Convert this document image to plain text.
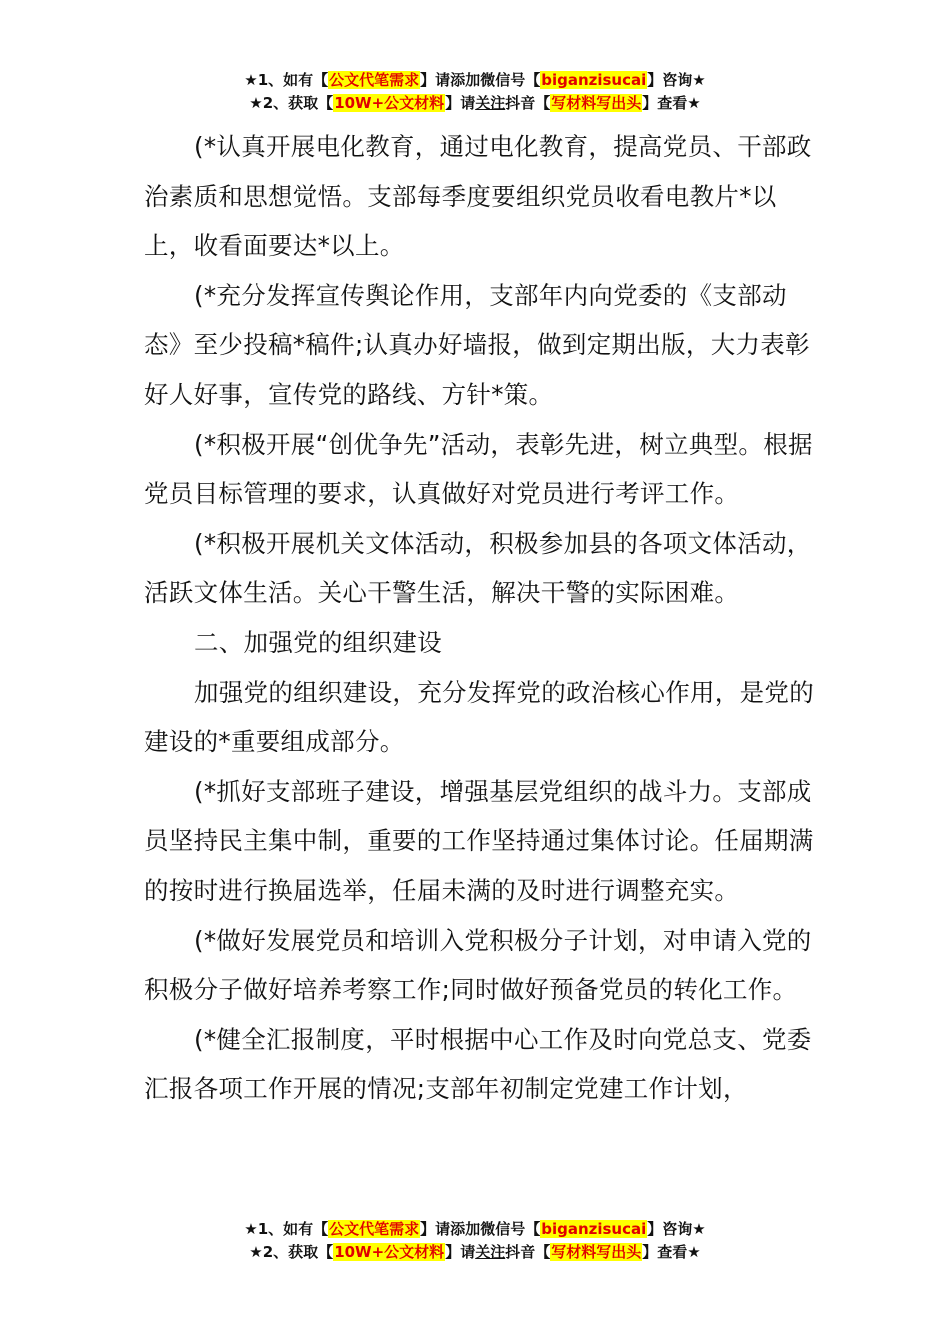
★1、如有【公文代笔需求】请添加微信号【biganzisucai】咨询★
★2、获取【10W+公文材料】请关注抖音【写材料写出头】查看★

(*认真开展电化教育，通过电化教育，提高党员、干部政治素质和思想觉悟。支部每季度要组织党员收看电教片*以上，收看面要达*以上。

(*充分发挥宣传舆论作用，支部年内向党委的《支部动态》至少投稿*稿件;认真办好墙报，做到定期出版，大力表彰好人好事，宣传党的路线、方针*策。

(*积极开展“创优争先”活动，表彰先进，树立典型。根据党员目标管理的要求，认真做好对党员进行考评工作。

(*积极开展机关文体活动，积极参加县的各项文体活动，活跃文体生活。关心干警生活，解决干警的实际困难。

二、加强党的组织建设

加强党的组织建设，充分发挥党的政治核心作用，是党的建设的*重要组成部分。

(*抓好支部班子建设，增强基层党组织的战斗力。支部成员坚持民主集中制，重要的工作坚持通过集体讨论。任届期满的按时进行换届选举，任届未满的及时进行调整充实。

(*做好发展党员和培训入党积极分子计划，对申请入党的积极分子做好培养考察工作;同时做好预备党员的转化工作。

(*健全汇报制度，平时根据中心工作及时向党总支、党委汇报各项工作开展的情况;支部年初制定党建工作计划，

★1、如有【公文代笔需求】请添加微信号【biganzisucai】咨询★
★2、获取【10W+公文材料】请关注抖音【写材料写出头】查看★
